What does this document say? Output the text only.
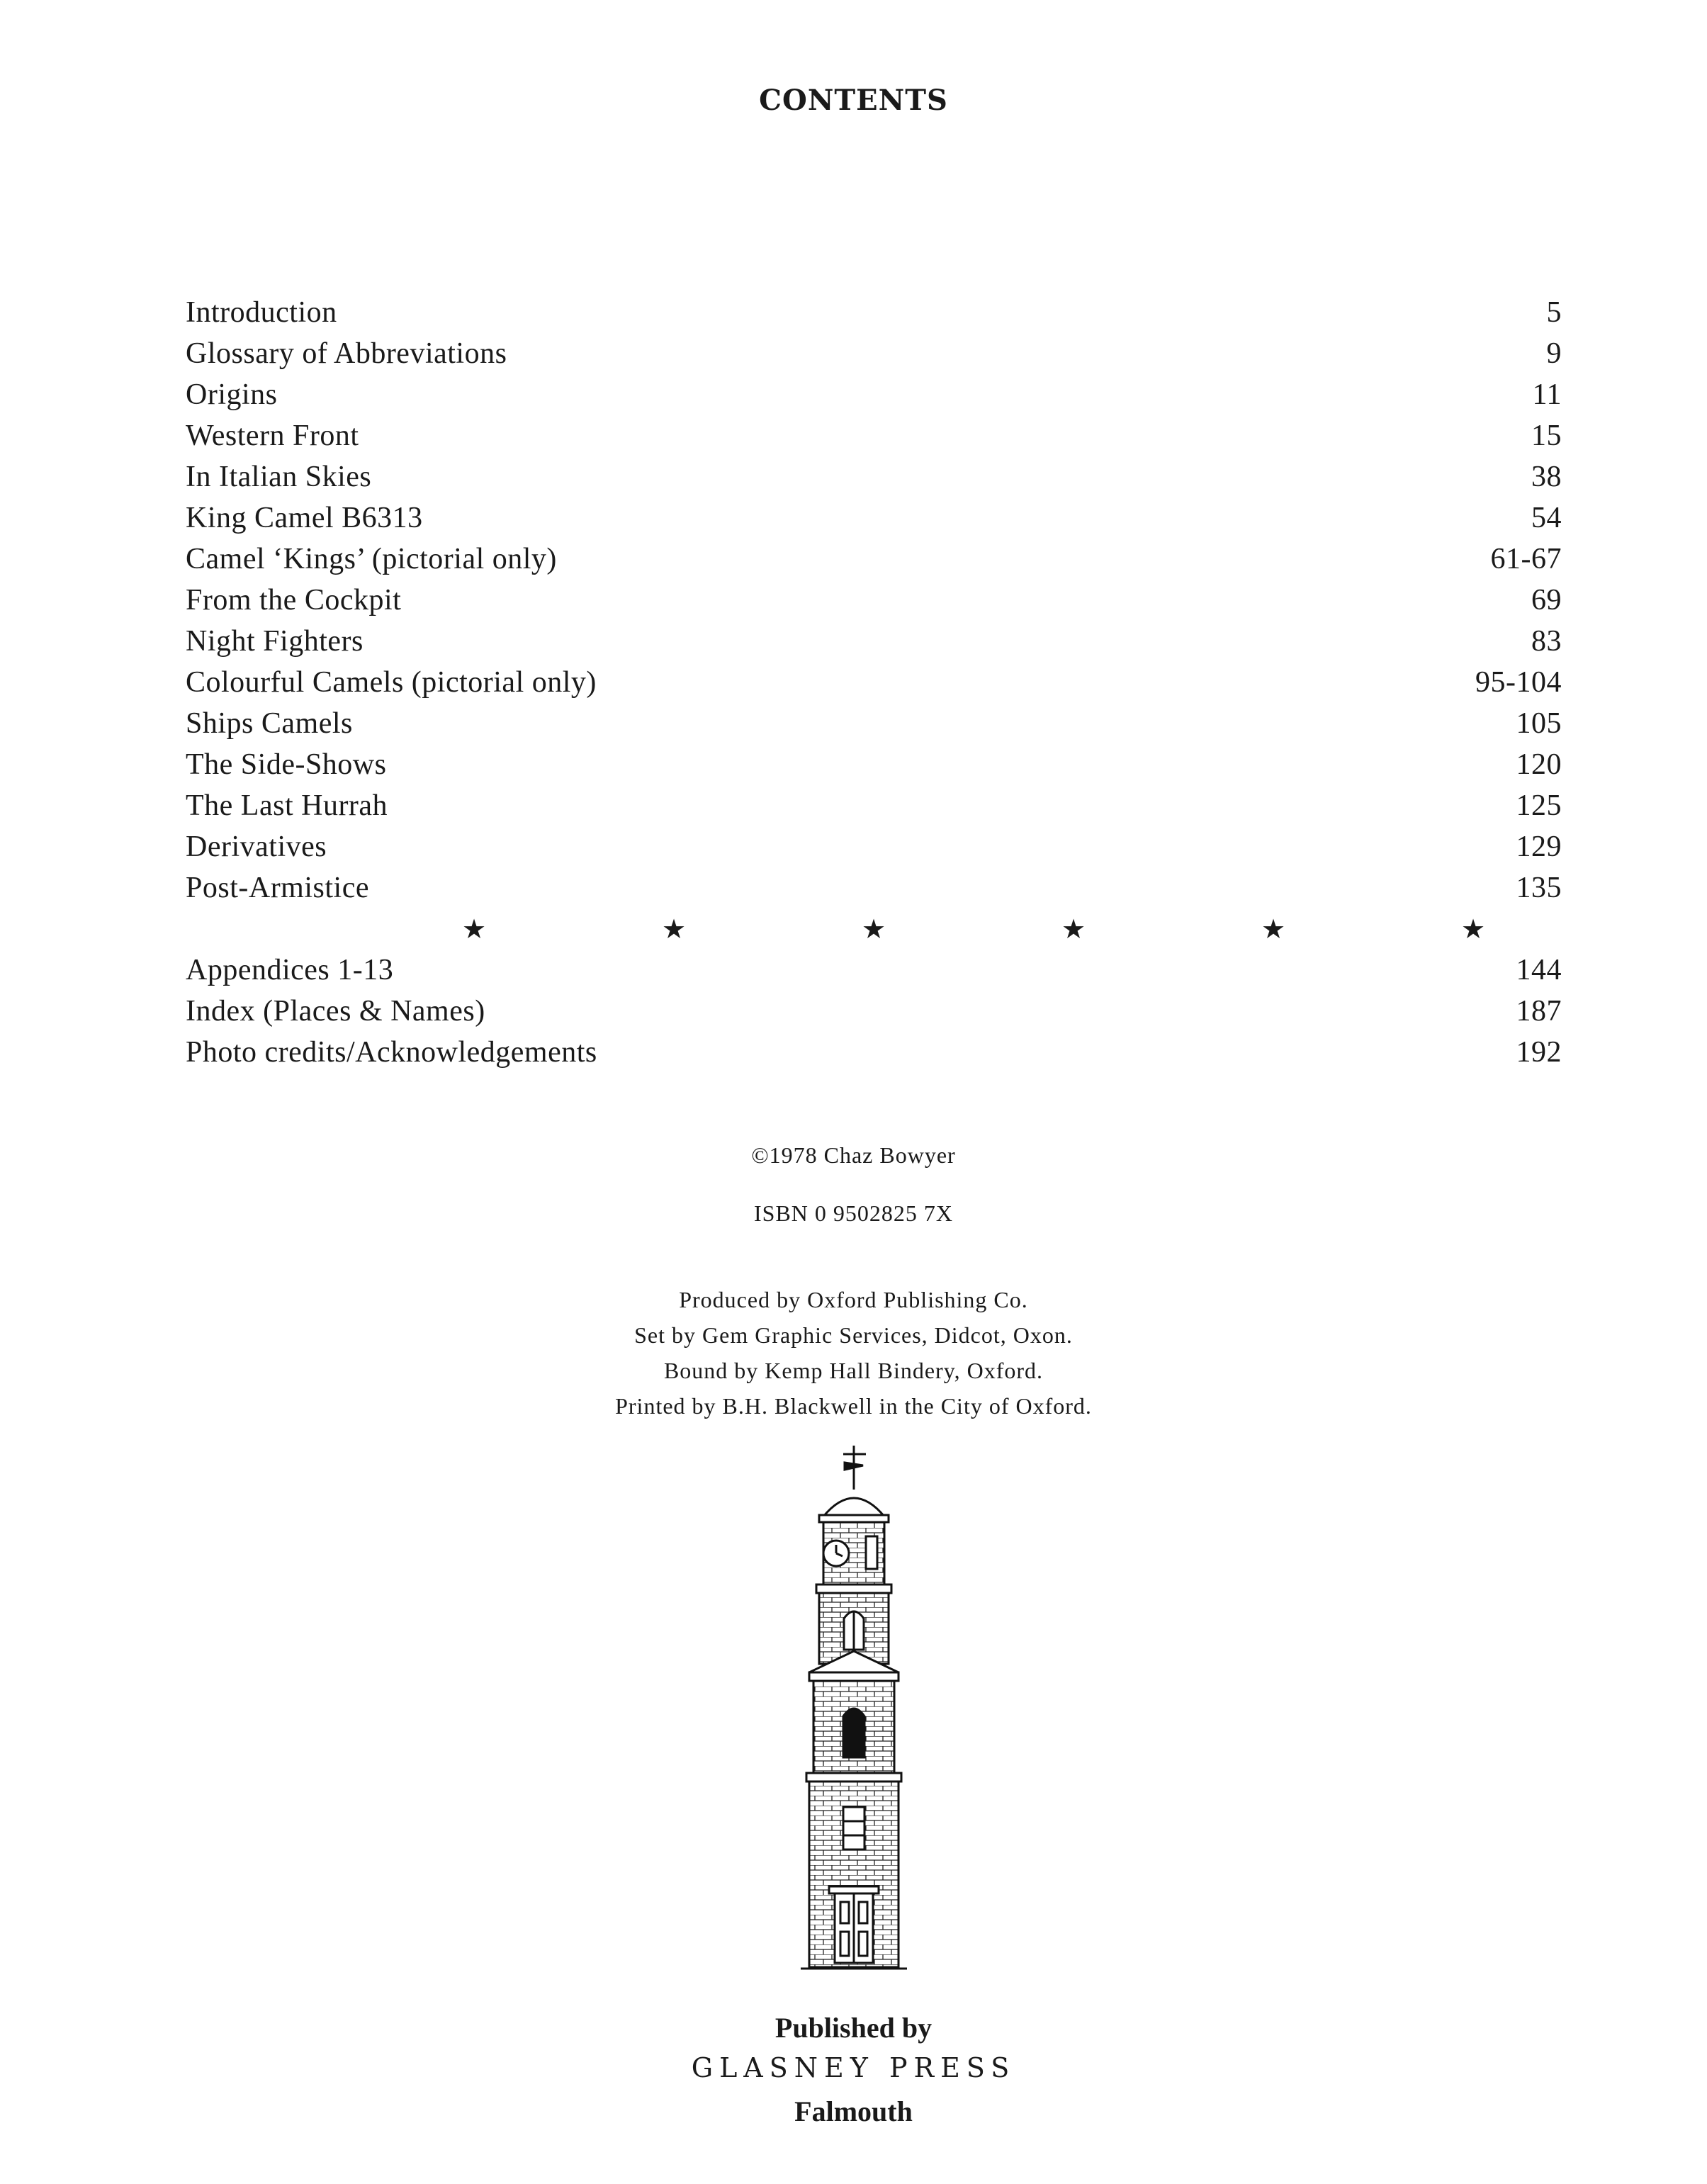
CONTENTS
Introduction	5
Glossary of Abbreviations	9
Origins	11
Western Front	15
In Italian Skies	38
King Camel B6313	54
Camel ‘Kings’ (pictorial only)	61-67
From the Cockpit	69
Night Fighters	83
Colourful Camels (pictorial only)	95-104
Ships Camels	105
The Side-Shows	120
The Last Hurrah	125
Derivatives	129
Post-Armistice	135
★	★	★	★	★	★
Appendices 1-13	144
Index (Places & Names)	187
Photo credits/Acknowledgements	192
©1978 Chaz Bowyer
ISBN 0 9502825 7X
Produced by Oxford Publishing Co.
Set by Gem Graphic Services, Didcot, Oxon.
Bound by Kemp Hall Bindery, Oxford.
Printed by B.H. Blackwell in the City of Oxford.
Published by
GLASNEY PRESS
Falmouth
